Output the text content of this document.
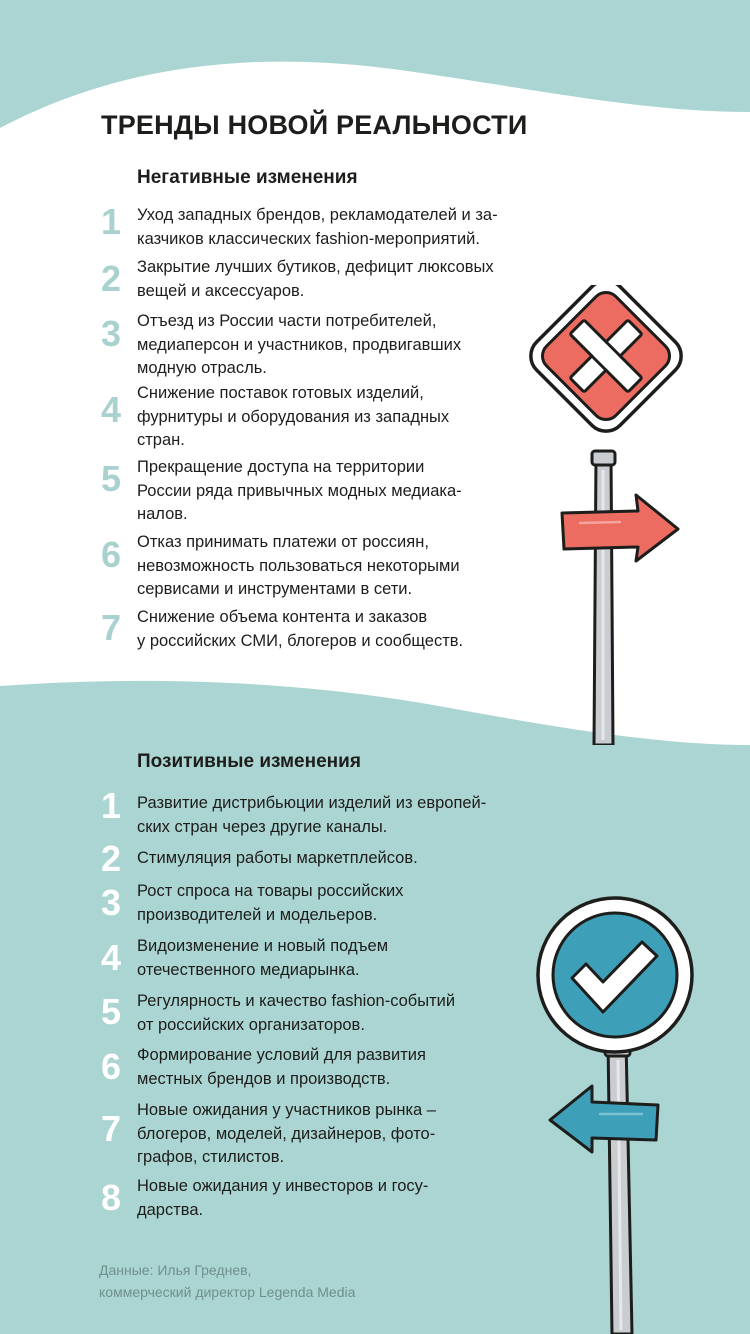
ТРЕНДЫ НОВОЙ РЕАЛЬНОСТИ
Негативные изменения
1 Уход западных брендов, рекламодателей и за-
казчиков классических fashion-мероприятий.
2 Закрытие лучших бутиков, дефицит люксовых
вещей и аксессуаров.
3 Отъезд из России части потребителей,
медиаперсон и участников, продвигавших
модную отрасль.
4 Снижение поставок готовых изделий,
фурнитуры и оборудования из западных
стран.
5 Прекращение доступа на территории
России ряда привычных модных медиака-
налов.
6 Отказ принимать платежи от россиян,
невозможность пользоваться некоторыми
сервисами и инструментами в сети.
7 Снижение объема контента и заказов
у российских СМИ, блогеров и сообществ.
Позитивные изменения
1 Развитие дистрибьюции изделий из европей-
ских стран через другие каналы.
2 Стимуляция работы маркетплейсов.
3 Рост спроса на товары российских
производителей и модельеров.
4 Видоизменение и новый подъем
отечественного медиарынка.
5 Регулярность и качество fashion-событий
от российских организаторов.
6 Формирование условий для развития
местных брендов и производств.
7 Новые ожидания у участников рынка –
блогеров, моделей, дизайнеров, фото-
графов, стилистов.
8 Новые ожидания у инвесторов и госу-
дарства.
Данные: Илья Греднев,
коммерческий директор Legenda Media
